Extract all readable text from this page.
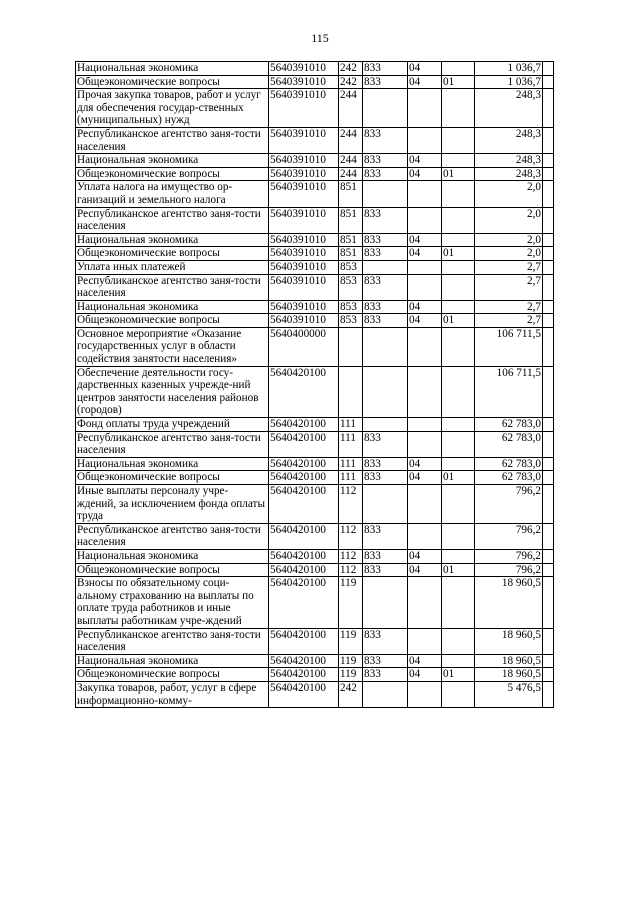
115
Национальная экономика	5640391010	242	833	04		1 036,7	
Общеэкономические вопросы	5640391010	242	833	04	01	1 036,7	
Прочая закупка товаров, работ и услуг для обеспечения государ-ственных (муниципальных) нужд	5640391010	244				248,3	
Республиканское агентство заня-тости населения	5640391010	244	833			248,3	
Национальная экономика	5640391010	244	833	04		248,3	
Общеэкономические вопросы	5640391010	244	833	04	01	248,3	
Уплата налога на имущество ор-ганизаций и земельного налога	5640391010	851				2,0	
Республиканское агентство заня-тости населения	5640391010	851	833			2,0	
Национальная экономика	5640391010	851	833	04		2,0	
Общеэкономические вопросы	5640391010	851	833	04	01	2,0	
Уплата иных платежей	5640391010	853				2,7	
Республиканское агентство заня-тости населения	5640391010	853	833			2,7	
Национальная экономика	5640391010	853	833	04		2,7	
Общеэкономические вопросы	5640391010	853	833	04	01	2,7	
Основное мероприятие «Оказание государственных услуг в области содействия занятости населения»	5640400000					106 711,5	
Обеспечение деятельности госу-дарственных казенных учрежде-ний центров занятости населения районов (городов)	5640420100					106 711,5	
Фонд оплаты труда учреждений	5640420100	111				62 783,0	
Республиканское агентство заня-тости населения	5640420100	111	833			62 783,0	
Национальная экономика	5640420100	111	833	04		62 783,0	
Общеэкономические вопросы	5640420100	111	833	04	01	62 783,0	
Иные выплаты персоналу учре-ждений, за исключением фонда оплаты труда	5640420100	112				796,2	
Республиканское агентство заня-тости населения	5640420100	112	833			796,2	
Национальная экономика	5640420100	112	833	04		796,2	
Общеэкономические вопросы	5640420100	112	833	04	01	796,2	
Взносы по обязательному соци-альному страхованию на выплаты по оплате труда работников и иные выплаты работникам учре-ждений	5640420100	119				18 960,5	
Республиканское агентство заня-тости населения	5640420100	119	833			18 960,5	
Национальная экономика	5640420100	119	833	04		18 960,5	
Общеэкономические вопросы	5640420100	119	833	04	01	18 960,5	
Закупка товаров, работ, услуг в сфере информационно-комму-	5640420100	242				5 476,5	
